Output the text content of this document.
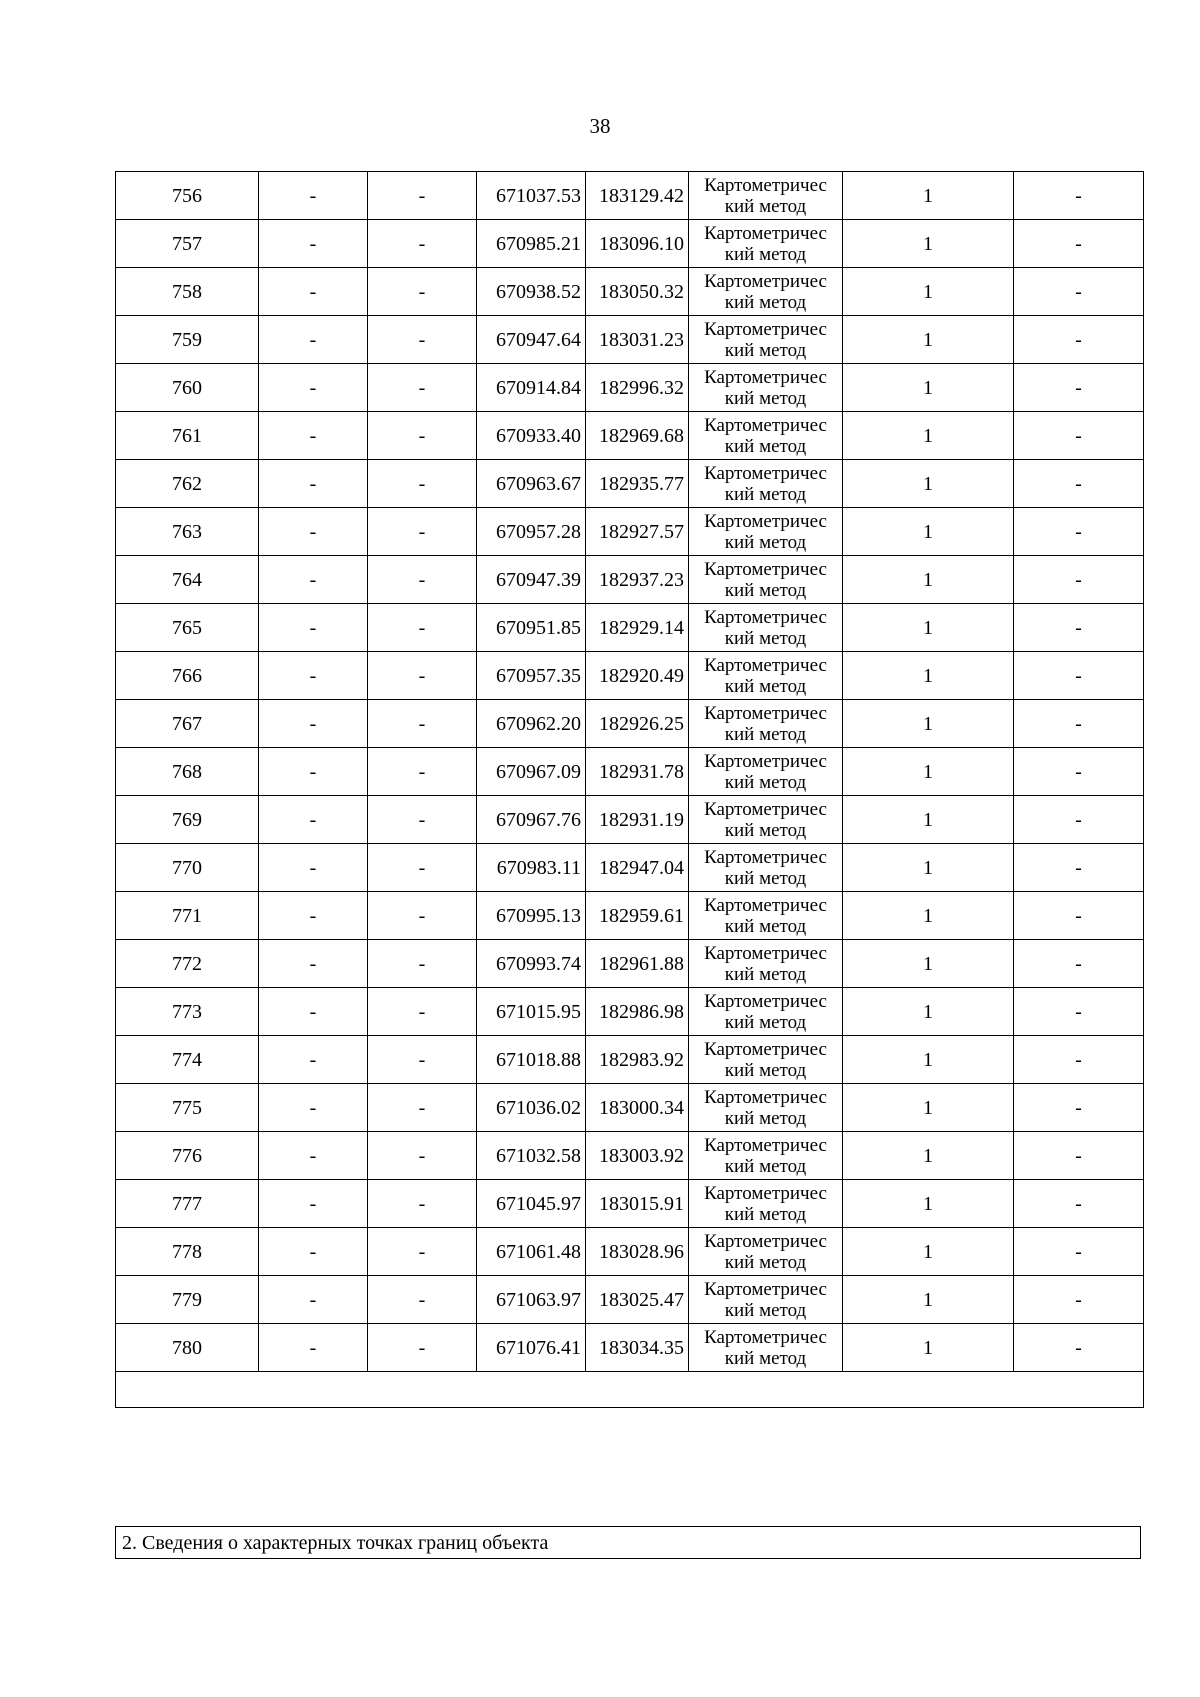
38
756	-	-	671037.53	183129.42	Картометричес
кий метод	1	-
757	-	-	670985.21	183096.10	Картометричес
кий метод	1	-
758	-	-	670938.52	183050.32	Картометричес
кий метод	1	-
759	-	-	670947.64	183031.23	Картометричес
кий метод	1	-
760	-	-	670914.84	182996.32	Картометричес
кий метод	1	-
761	-	-	670933.40	182969.68	Картометричес
кий метод	1	-
762	-	-	670963.67	182935.77	Картометричес
кий метод	1	-
763	-	-	670957.28	182927.57	Картометричес
кий метод	1	-
764	-	-	670947.39	182937.23	Картометричес
кий метод	1	-
765	-	-	670951.85	182929.14	Картометричес
кий метод	1	-
766	-	-	670957.35	182920.49	Картометричес
кий метод	1	-
767	-	-	670962.20	182926.25	Картометричес
кий метод	1	-
768	-	-	670967.09	182931.78	Картометричес
кий метод	1	-
769	-	-	670967.76	182931.19	Картометричес
кий метод	1	-
770	-	-	670983.11	182947.04	Картометричес
кий метод	1	-
771	-	-	670995.13	182959.61	Картометричес
кий метод	1	-
772	-	-	670993.74	182961.88	Картометричес
кий метод	1	-
773	-	-	671015.95	182986.98	Картометричес
кий метод	1	-
774	-	-	671018.88	182983.92	Картометричес
кий метод	1	-
775	-	-	671036.02	183000.34	Картометричес
кий метод	1	-
776	-	-	671032.58	183003.92	Картометричес
кий метод	1	-
777	-	-	671045.97	183015.91	Картометричес
кий метод	1	-
778	-	-	671061.48	183028.96	Картометричес
кий метод	1	-
779	-	-	671063.97	183025.47	Картометричес
кий метод	1	-
780	-	-	671076.41	183034.35	Картометричес
кий метод	1	-

2. Сведения о характерных точках границ объекта
